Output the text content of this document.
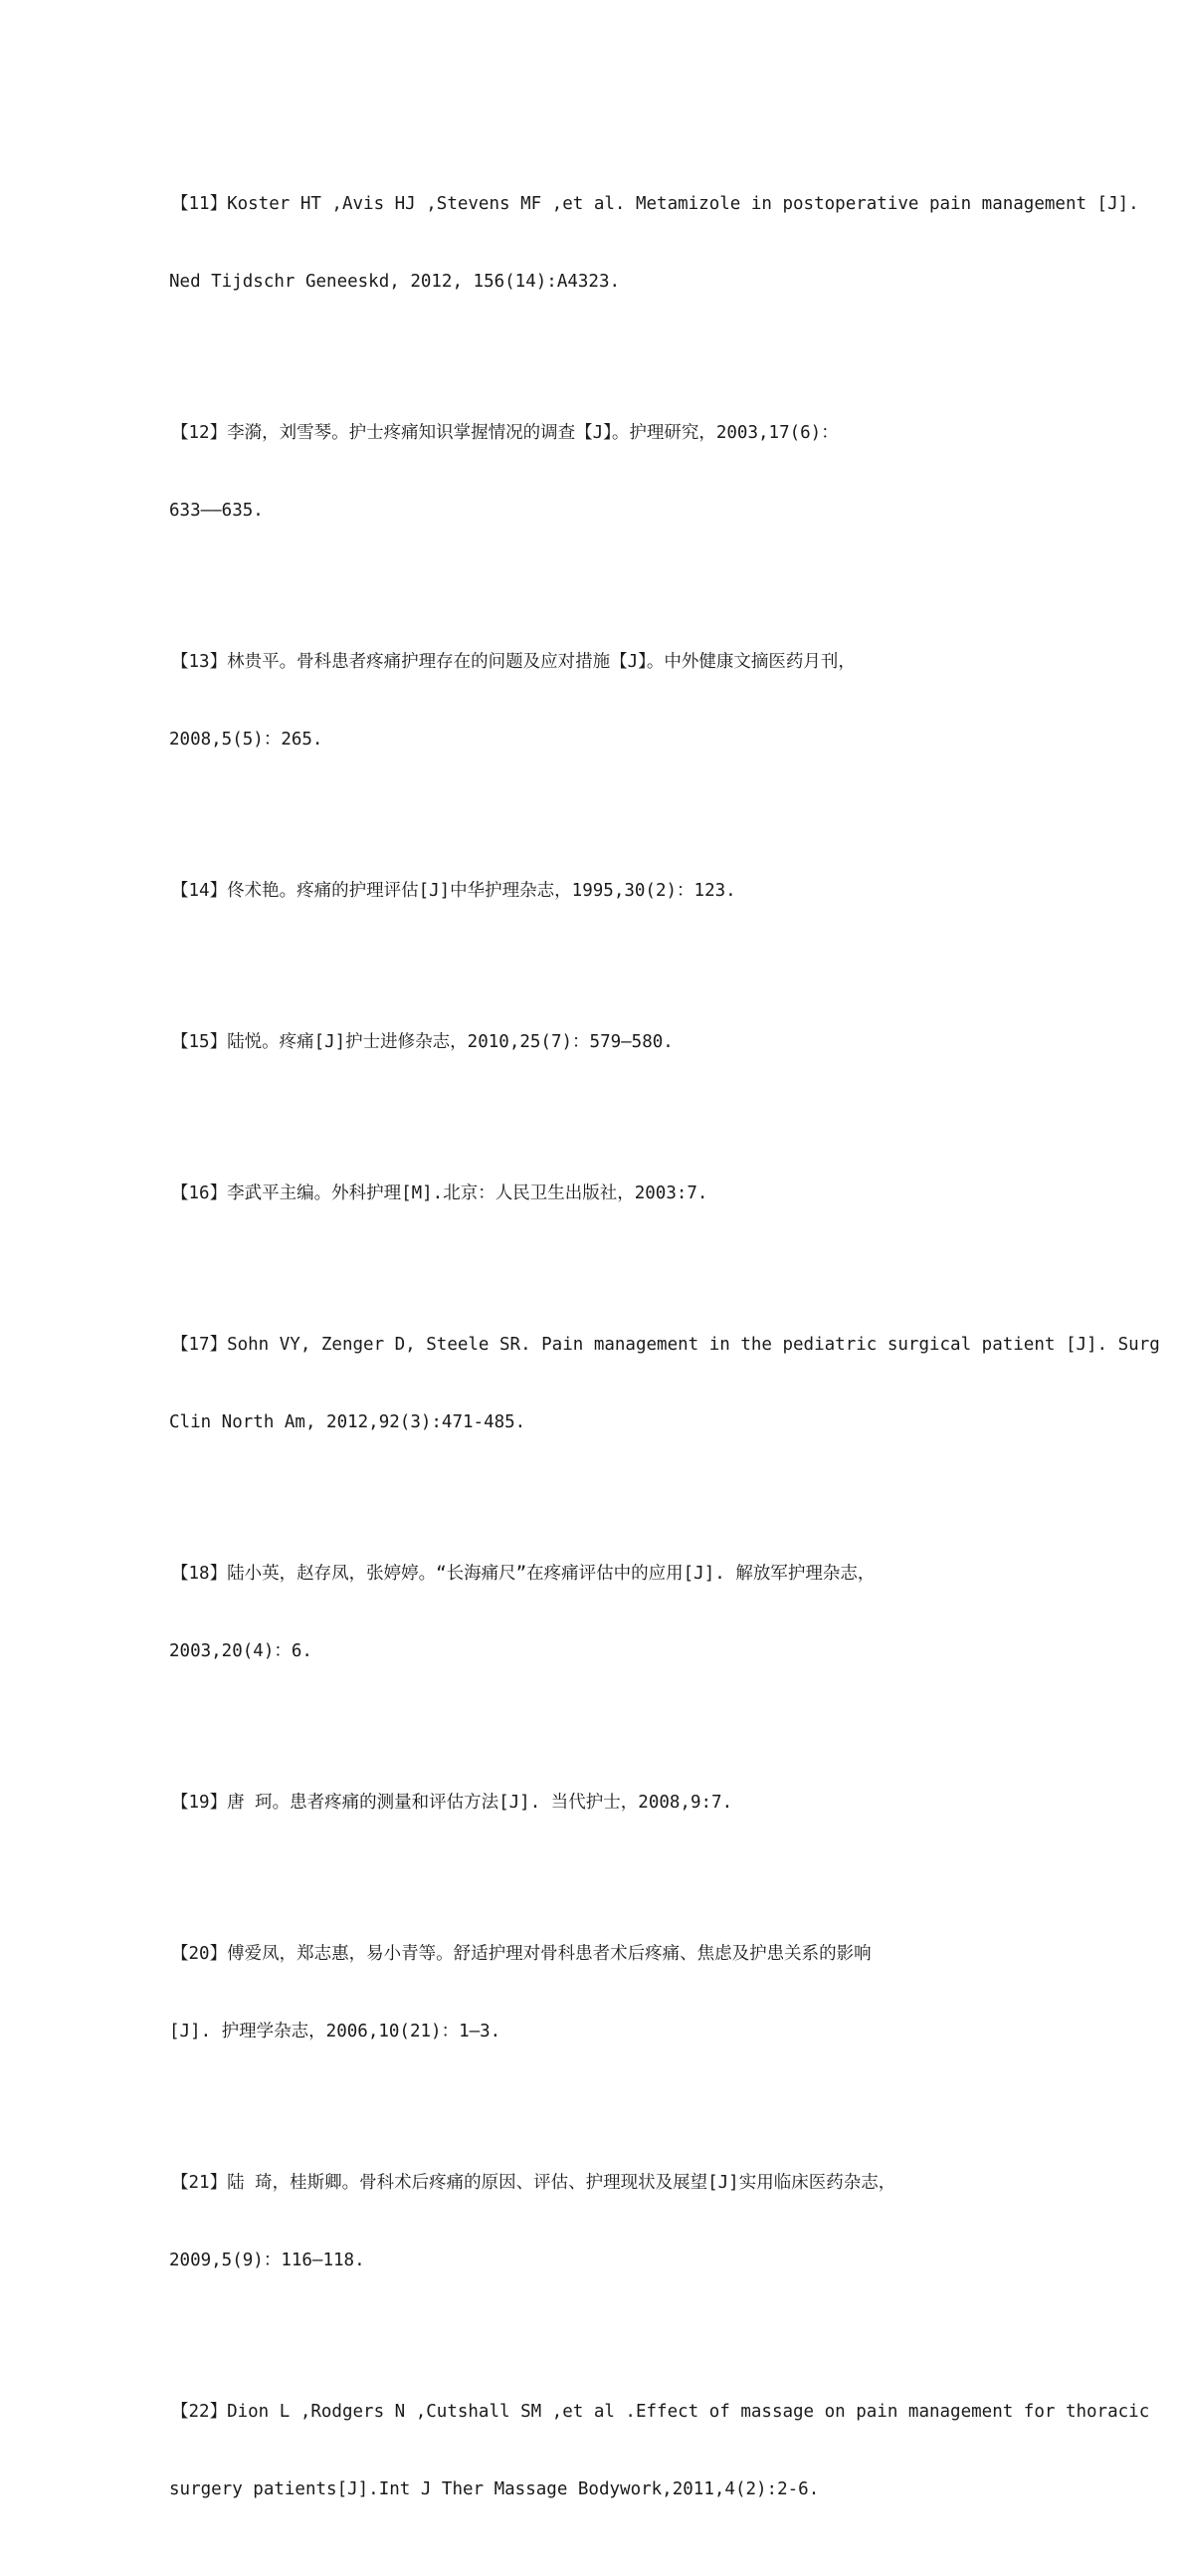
【11】Koster HT ,Avis HJ ,Stevens MF ,et al. Metamizole in postoperative pain management [J].

Ned Tijdschr Geneeskd, 2012, 156(14):A4323.

【12】李漪，刘雪琴。护士疼痛知识掌握情况的调查【J】。护理研究，2003,17(6)：

633——635.

【13】林贵平。骨科患者疼痛护理存在的问题及应对措施【J】。中外健康文摘医药月刊，

2008,5(5)：265.

【14】佟术艳。疼痛的护理评估[J]中华护理杂志，1995,30(2)：123.

【15】陆悦。疼痛[J]护士进修杂志，2010,25(7)：579—580.

【16】李武平主编。外科护理[M].北京：人民卫生出版社，2003:7.

【17】Sohn VY, Zenger D, Steele SR. Pain management in the pediatric surgical patient [J]. Surg

Clin North Am, 2012,92(3):471-485.

【18】陆小英，赵存凤，张婷婷。“长海痛尺”在疼痛评估中的应用[J]. 解放军护理杂志，

2003,20(4)：6.

【19】唐 珂。患者疼痛的测量和评估方法[J]. 当代护士，2008,9:7.

【20】傅爱凤，郑志惠，易小青等。舒适护理对骨科患者术后疼痛、焦虑及护患关系的影响

[J]. 护理学杂志，2006,10(21)：1—3.

【21】陆 琦，桂斯卿。骨科术后疼痛的原因、评估、护理现状及展望[J]实用临床医药杂志，

2009,5(9)：116—118.

【22】Dion L ,Rodgers N ,Cutshall SM ,et al .Effect of massage on pain management for thoracic

surgery patients[J].Int J Ther Massage Bodywork,2011,4(2):2-6.
